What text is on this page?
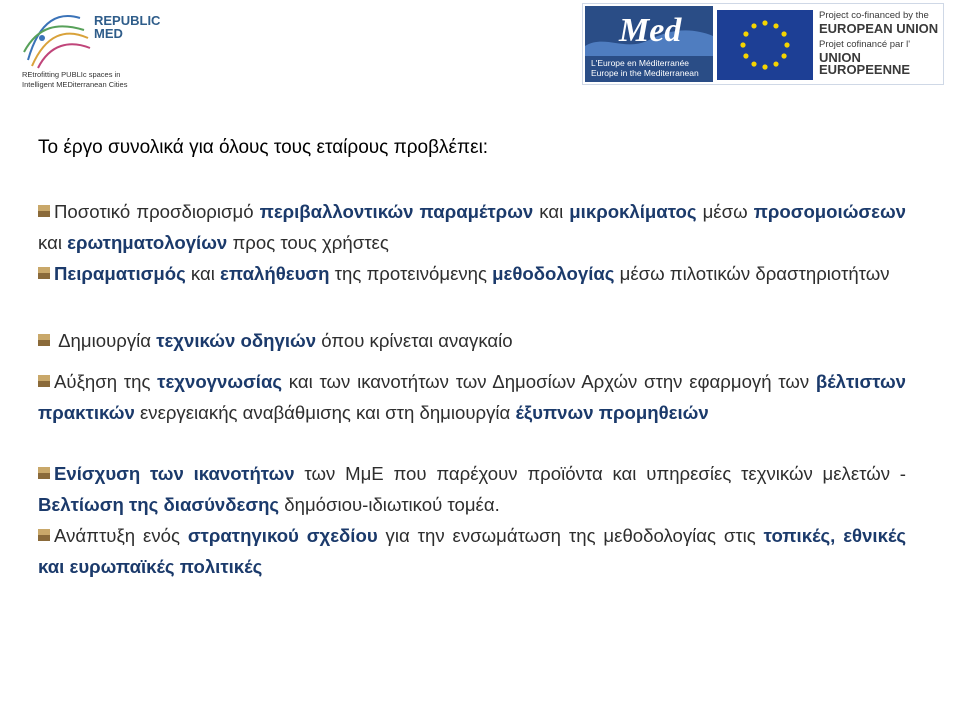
REPUBLIC
MED
REtrofitting PUBLIc spaces in
Intelligent MEDiterranean Cities
Med
L'Europe en Méditerranée
Europe in the Mediterranean
Project co-financed by the
EUROPEAN UNION
Projet cofinancé par l'
UNION EUROPEENNE
Το έργο συνολικά για όλους τους εταίρους προβλέπει:
Ποσοτικό προσδιορισμό περιβαλλοντικών παραμέτρων και μικροκλίματος μέσω προσομοιώσεων και ερωτηματολογίων προς τους χρήστες
Πειραματισμός και επαλήθευση της προτεινόμενης μεθοδολογίας μέσω πιλοτικών δραστηριοτήτων
Δημιουργία τεχνικών οδηγιών όπου κρίνεται αναγκαίο
Αύξηση της τεχνογνωσίας και των ικανοτήτων των Δημοσίων Αρχών στην εφαρμογή των βέλτιστων πρακτικών ενεργειακής αναβάθμισης και στη δημιουργία έξυπνων προμηθειών
Ενίσχυση των ικανοτήτων των ΜμΕ που παρέχουν προϊόντα και υπηρεσίες τεχνικών μελετών - Βελτίωση της διασύνδεσης δημόσιου-ιδιωτικού τομέα.
Ανάπτυξη ενός στρατηγικού σχεδίου για την ενσωμάτωση της μεθοδολογίας στις τοπικές, εθνικές και ευρωπαϊκές πολιτικές
